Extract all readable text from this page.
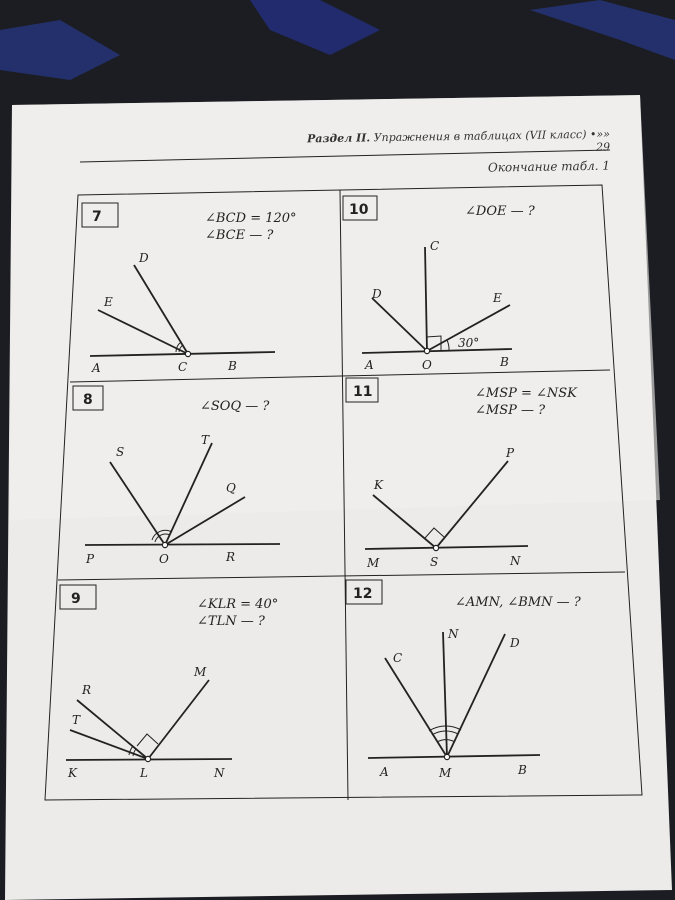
Раздел II. Упражнения в таблицах (VII класс) •»» 29
Окончание табл. 1
7	∠BCD = 120°
∠BCE — ?
A	C	B
D
E
10	∠DOE — ?
A	O	B
C
D	E
30°
8	∠SOQ — ?
P	O	R
S
T
Q
11	∠MSP = ∠NSK
∠MSP — ?
M	S	N
K
P
9	∠KLR = 40°
∠TLN — ?
K	L	N
R
T
M
12
∠AMN, ∠BMN — ?
A	M	B
C
N
D
